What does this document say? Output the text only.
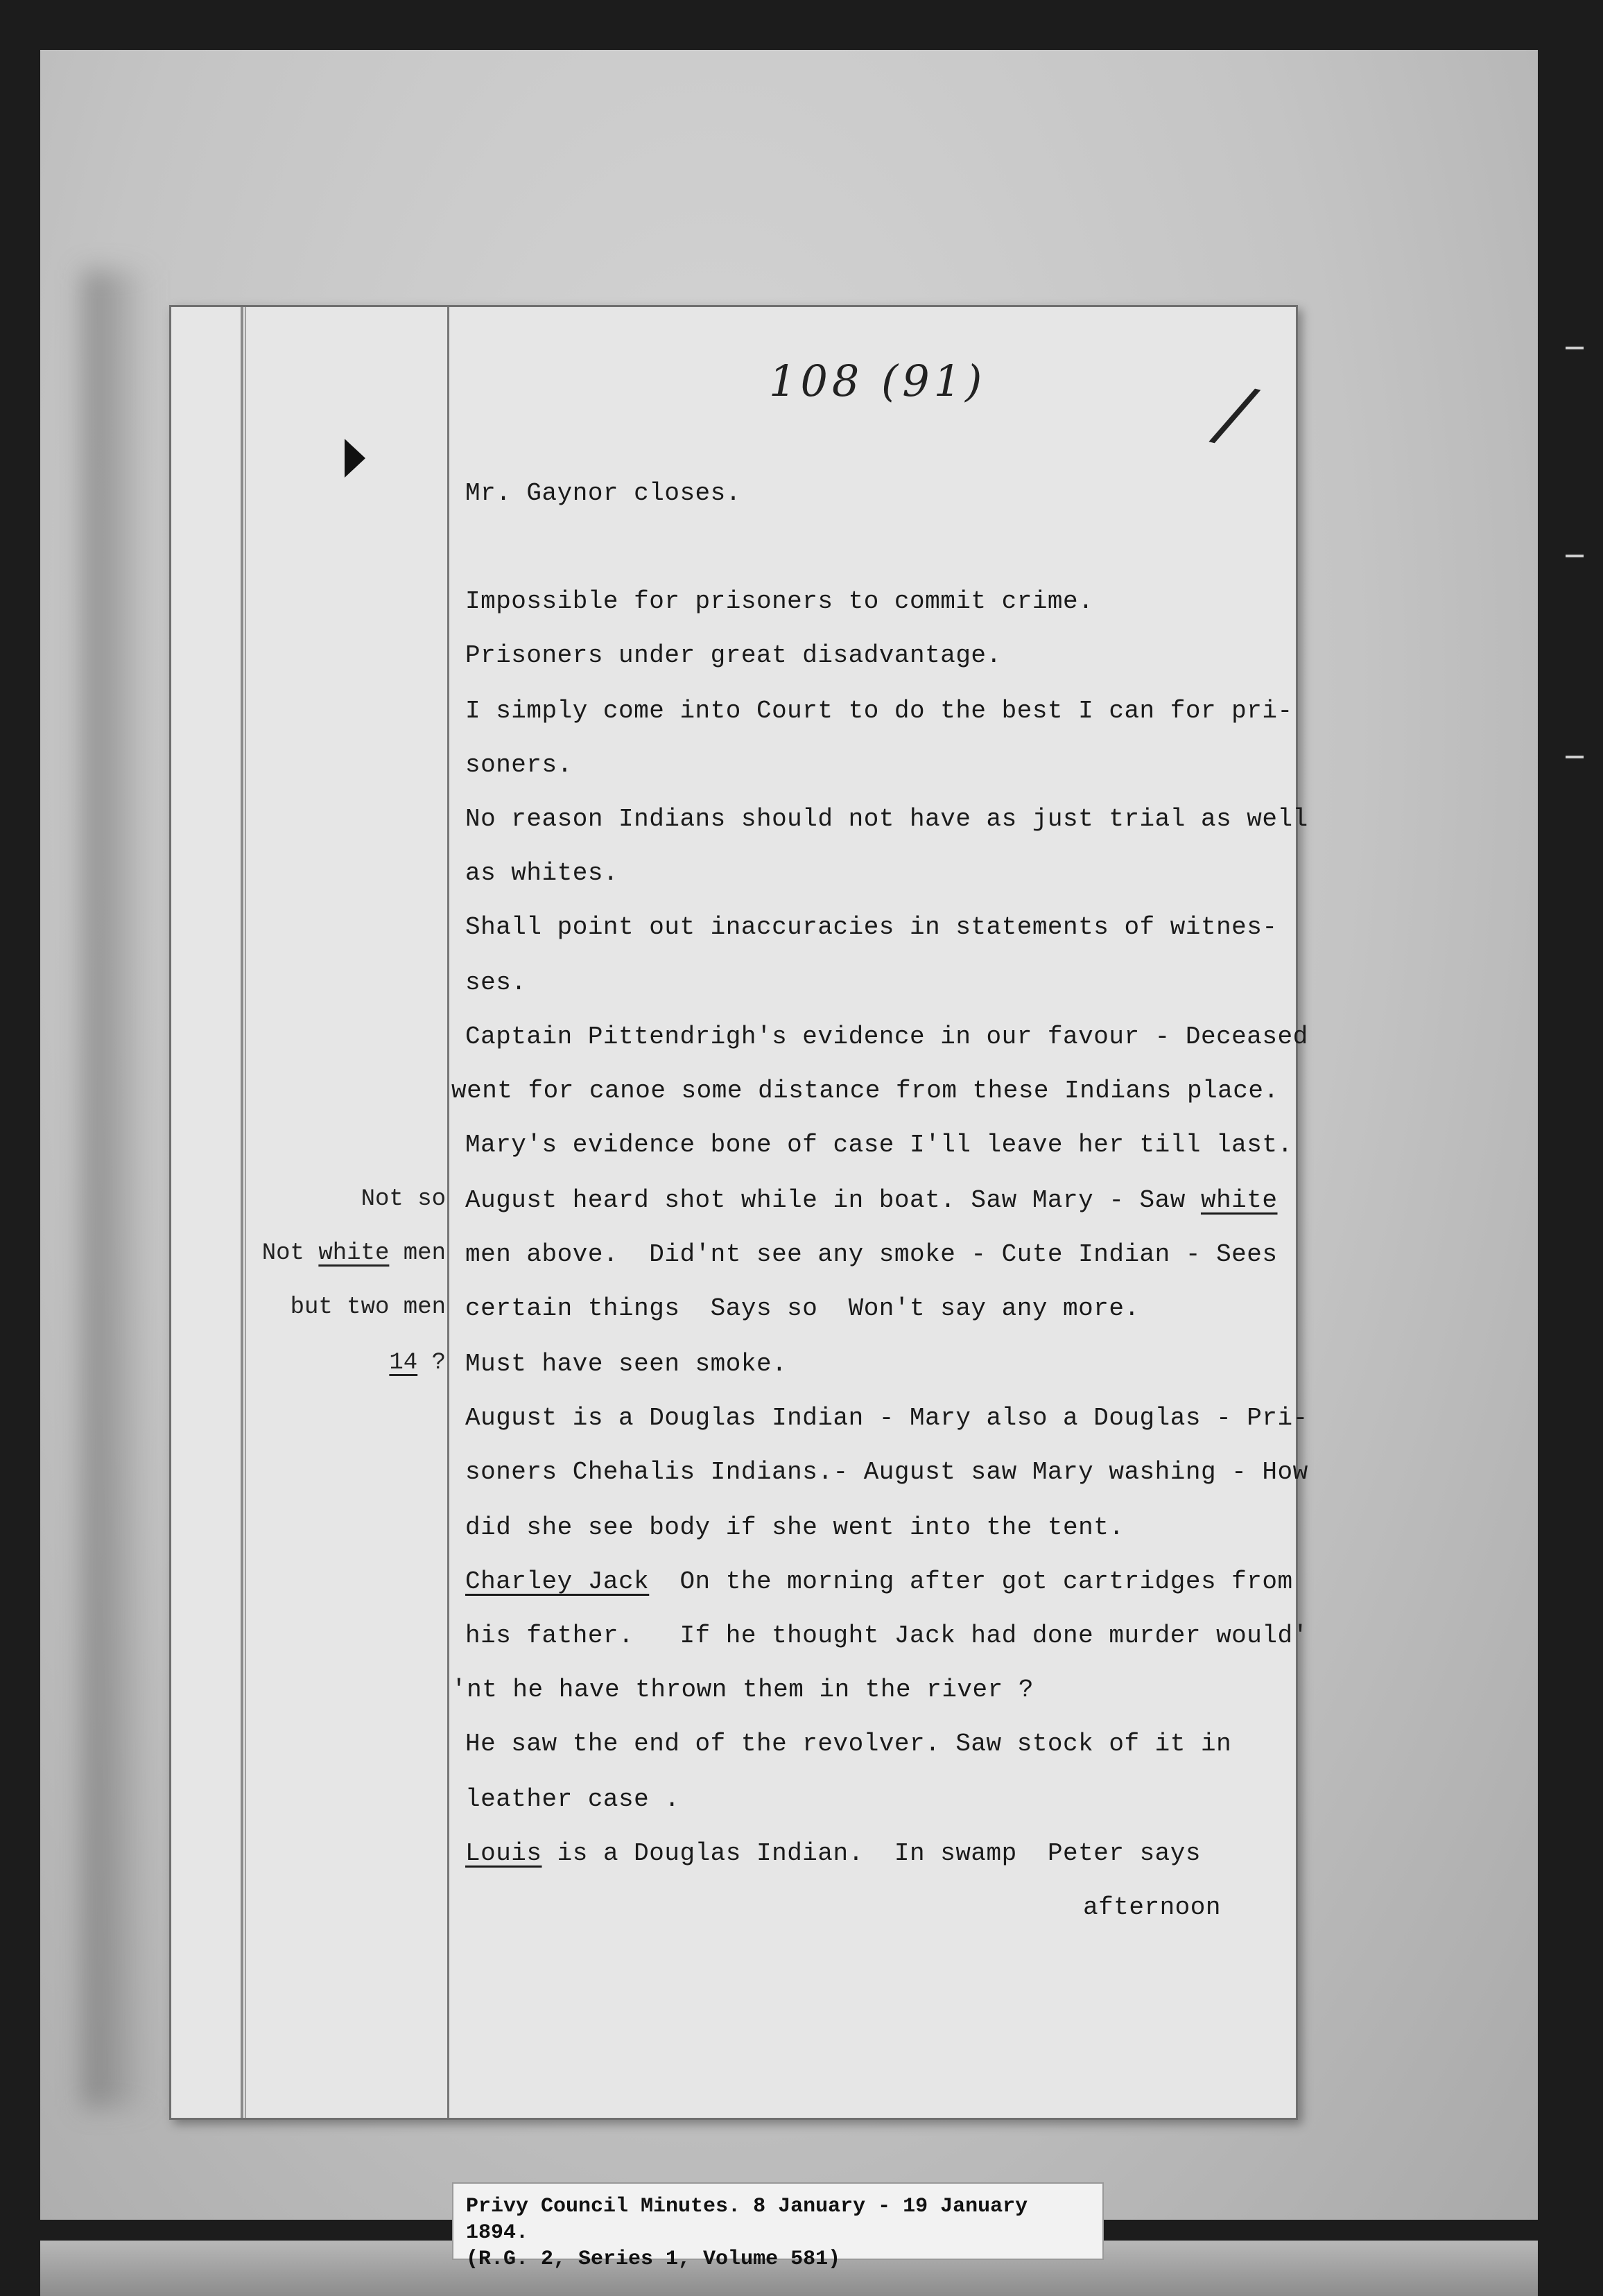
108 (91)	/
Mr. Gaynor closes.
Impossible for prisoners to commit crime.
Prisoners under great disadvantage.
I simply come into Court to do the best I can for pri-
soners.
No reason Indians should not have as just trial as well
as whites.
Shall point out inaccuracies in statements of witnes-
ses.
Captain Pittendrigh's evidence in our favour - Deceased
went for canoe some distance from these Indians place.
Mary's evidence bone of case I'll leave her till last.
August heard shot while in boat. Saw Mary - Saw white
men above.  Did'nt see any smoke - Cute Indian - Sees
certain things  Says so  Won't say any more.
Must have seen smoke.
August is a Douglas Indian - Mary also a Douglas - Pri-
soners Chehalis Indians.- August saw Mary washing - How
did she see body if she went into the tent.
Charley Jack  On the morning after got cartridges from
his father.   If he thought Jack had done murder would'
'nt he have thrown them in the river ?
He saw the end of the revolver. Saw stock of it in
leather case .
Louis is a Douglas Indian.  In swamp  Peter says
afternoon
Not so
Not white men
but two men
14 ?
Privy Council Minutes. 8 January - 19 January 1894.
(R.G. 2, Series 1, Volume 581)
